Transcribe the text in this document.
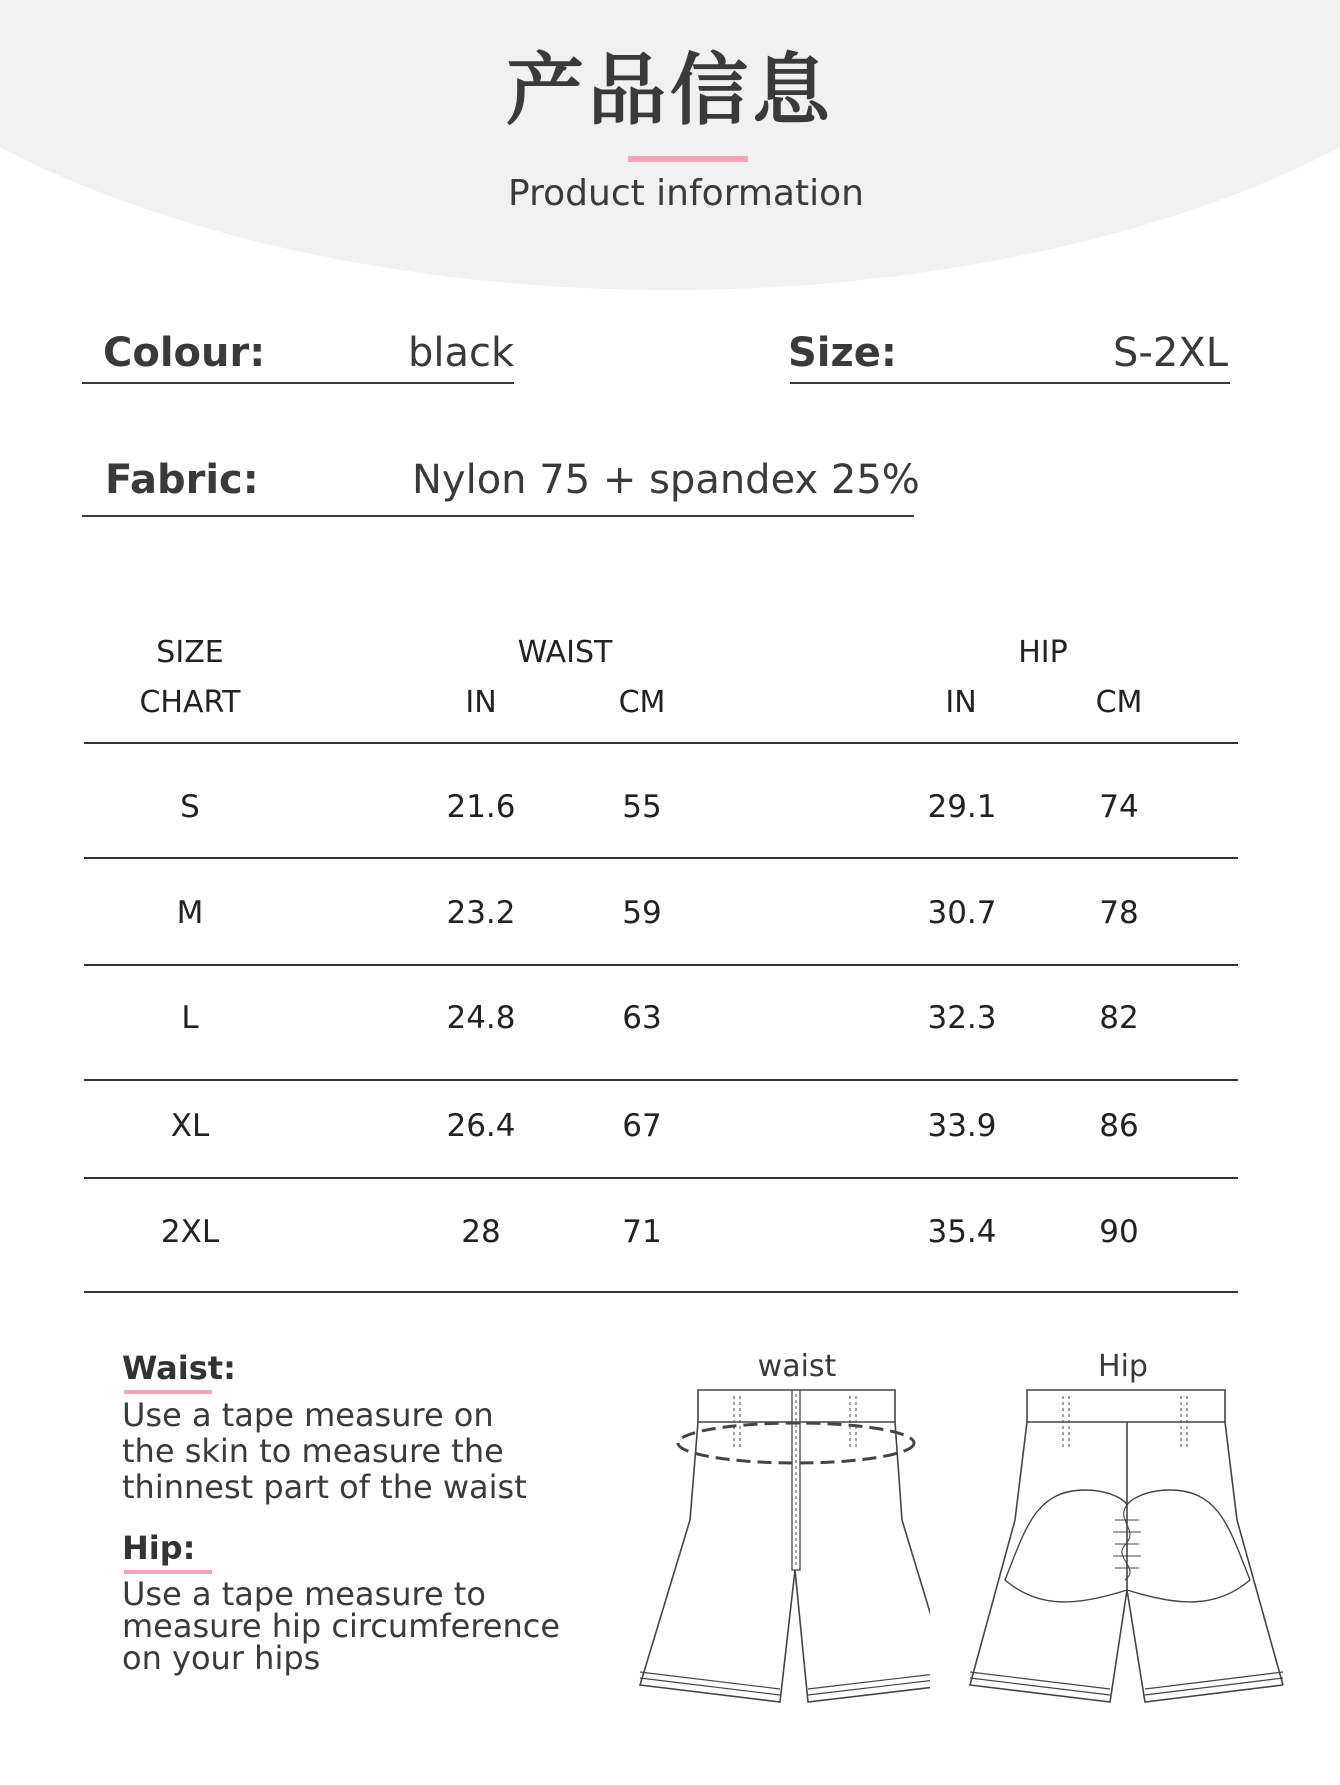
产品信息
Product information
Colour:	black	Size:	S-2XL
Fabric:	Nylon 75 + spandex 25%
SIZE
CHART
WAIST	HIP
IN	CM	IN	CM
S	21.6	55	29.1	74
M	23.2	59	30.7	78
L	24.8	63	32.3	82
XL	26.4	67	33.9	86
2XL	28	71	35.4	90
Waist:
Use a tape measure on
the skin to measure the
thinnest part of the waist
Hip:
Use a tape measure to
measure hip circumference
on your hips
waist	Hip
